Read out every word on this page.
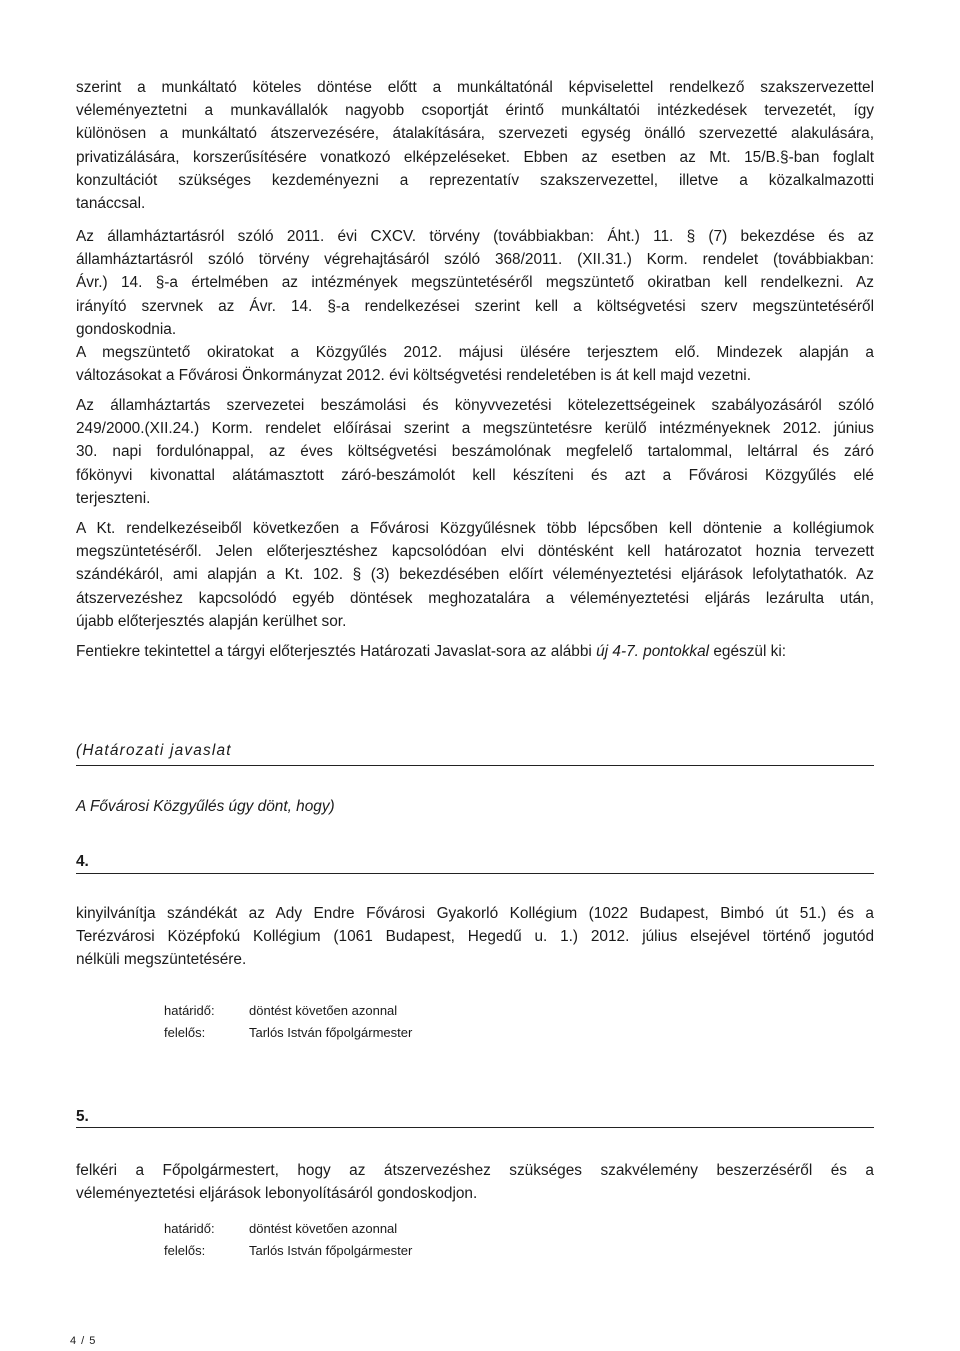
szerint a munkáltató köteles döntése előtt a munkáltatónál képviselettel rendelkező szakszervezettel
véleményeztetni a munkavállalók nagyobb csoportját érintő munkáltatói intézkedések tervezetét, így
különösen a munkáltató átszervezésére, átalakítására, szervezeti egység önálló szervezetté alakulására,
privatizálására, korszerűsítésére vonatkozó elképzeléseket. Ebben az esetben az Mt. 15/B.§-ban foglalt
konzultációt szükséges kezdeményezni a reprezentatív szakszervezettel, illetve a közalkalmazotti
tanáccsal.
Az államháztartásról szóló 2011. évi CXCV. törvény (továbbiakban: Áht.) 11. § (7) bekezdése és az
államháztartásról szóló törvény végrehajtásáról szóló 368/2011. (XII.31.) Korm. rendelet (továbbiakban:
Ávr.) 14. §-a értelmében az intézmények megszüntetéséről megszüntető okiratban kell rendelkezni. Az
irányító szervnek az Ávr. 14. §-a rendelkezései szerint kell a költségvetési szerv megszüntetéséről
gondoskodnia.
A megszüntető okiratokat a Közgyűlés 2012. májusi ülésére terjesztem elő. Mindezek alapján a
változásokat a Fővárosi Önkormányzat 2012. évi költségvetési rendeletében is át kell majd vezetni.
Az államháztartás szervezetei beszámolási és könyvvezetési kötelezettségeinek szabályozásáról szóló
249/2000.(XII.24.) Korm. rendelet előírásai szerint a megszüntetésre kerülő intézményeknek 2012. június
30. napi fordulónappal, az éves költségvetési beszámolónak megfelelő tartalommal, leltárral és záró
főkönyvi kivonattal alátámasztott záró-beszámolót kell készíteni és azt a Fővárosi Közgyűlés elé
terjeszteni.
A Kt. rendelkezéseiből következően a Fővárosi Közgyűlésnek több lépcsőben kell döntenie a kollégiumok
megszüntetéséről. Jelen előterjesztéshez kapcsolódóan elvi döntésként kell határozatot hoznia tervezett
szándékáról, ami alapján a Kt. 102. § (3) bekezdésében előírt véleményeztetési eljárások lefolytathatók. Az
átszervezéshez kapcsolódó egyéb döntések meghozatalára a véleményeztetési eljárás lezárulta után,
újabb előterjesztés alapján kerülhet sor.
Fentiekre tekintettel a tárgyi előterjesztés Határozati Javaslat-sora az alábbi új 4-7. pontokkal egészül ki:
(Határozati javaslat
A Fővárosi Közgyűlés úgy dönt, hogy)
4.
kinyilvánítja szándékát az Ady Endre Fővárosi Gyakorló Kollégium (1022 Budapest, Bimbó út 51.) és a
Terézvárosi Középfokú Kollégium (1061 Budapest, Hegedű u. 1.) 2012. július elsejével történő jogutód
nélküli megszüntetésére.
határidő:	döntést követően azonnal
felelős:	Tarlós István főpolgármester
5.
felkéri a Főpolgármestert, hogy az átszervezéshez szükséges szakvélemény beszerzéséről és a
véleményeztetési eljárások lebonyolításáról gondoskodjon.
határidő:	döntést követően azonnal
felelős:	Tarlós István főpolgármester
4 / 5
